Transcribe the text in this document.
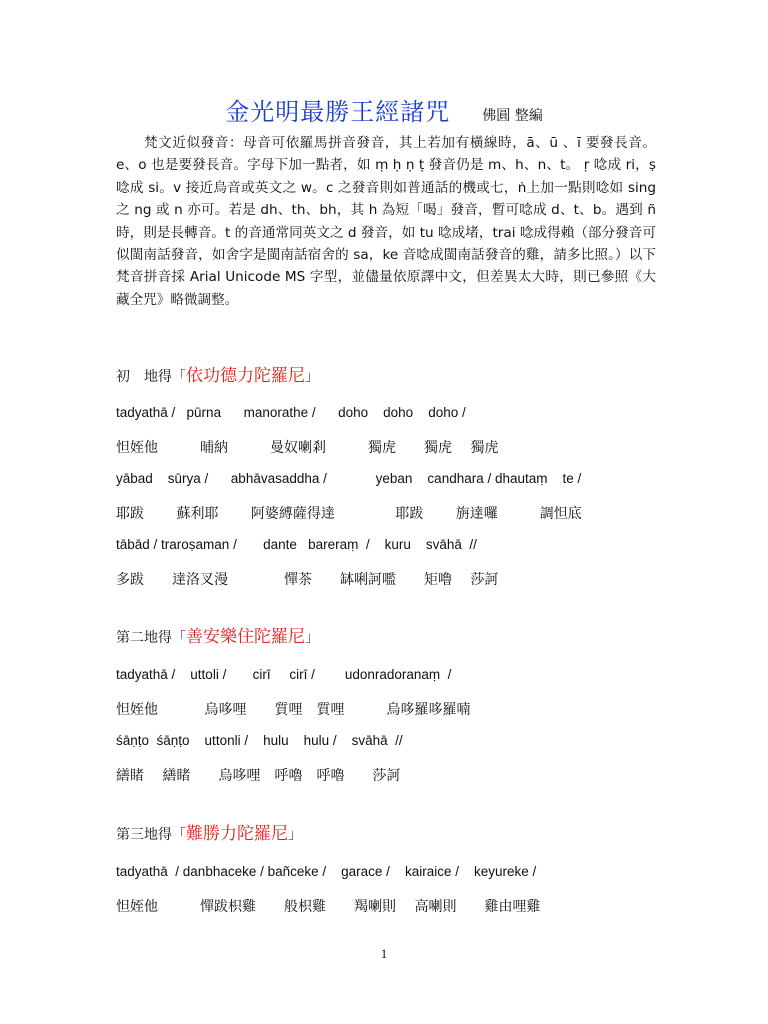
金光明最勝王經諸咒 佛圓 整編

梵文近似發音：母音可依羅馬拼音發音，其上若加有橫線時，ā、ū 、ī 要發長音。e、o 也是要發長音。字母下加一點者，如 ṃ ḥ ṇ ṭ 發音仍是 m、h、n、t。 ṛ 唸成 ri，ṣ 唸成 si。v 接近烏音或英文之 w。c 之發音則如普通話的機或七，ṅ上加一點則唸如 sing 之 ng 或 n 亦可。若是 dh、th、bh，其 h 為短「喝」發音，暫可唸成 d、t、b。遇到 ñ 時，則是長轉音。t 的音通常同英文之 d 發音，如 tu 唸成堵，trai 唸成得賴（部分發音可似閩南話發音，如舍字是閩南話宿舍的 sa，ke 音唸成閩南話發音的雞，請多比照。）以下梵音拼音採 Arial Unicode MS 字型，並儘量依原譯中文，但差異太大時，則已參照《大藏全咒》略微調整。

初　地得「依功德力陀羅尼」
tadyathā /   pūrna      manorathe /      doho    doho    doho /
怛姪他　　　晡納　　　曼奴喇剎　　　獨虎　　獨虎　 獨虎
yābad    sūrya /      abhāvasaddha /             yeban    candhara / dhautaṃ    te /
耶跋　　 蘇利耶　　 阿婆縛薩得達　　　　 耶跋　　 旃達囉　　　調怛底
tābād / traroṣaman /       dante   bareraṃ  /    kuru    svāhā  //
多跋　　達洛叉漫　　　　憚茶　　缽唎訶嚂　　矩嚕　 莎訶
第二地得「善安樂住陀羅尼」
tadyathā /    uttoli /       cirī     cirī /        udonradoranaṃ  /
怛姪他　　　 烏哆哩　　質哩　質哩　　　烏哆羅哆羅喃
śāṇṭo  śāṇṭo    uttonli /    hulu    hulu /    svāhā  //
繕睹　 繕睹　　烏哆哩　呼嚕　呼嚕　　莎訶
第三地得「難勝力陀羅尼」
tadyathā  / danbhaceke / bañceke /    garace /    kairaice /    keyureke /
怛姪他　　　憚跋枳雞　　般枳雞　　羯喇則　 高喇則　　雞由哩雞
1
